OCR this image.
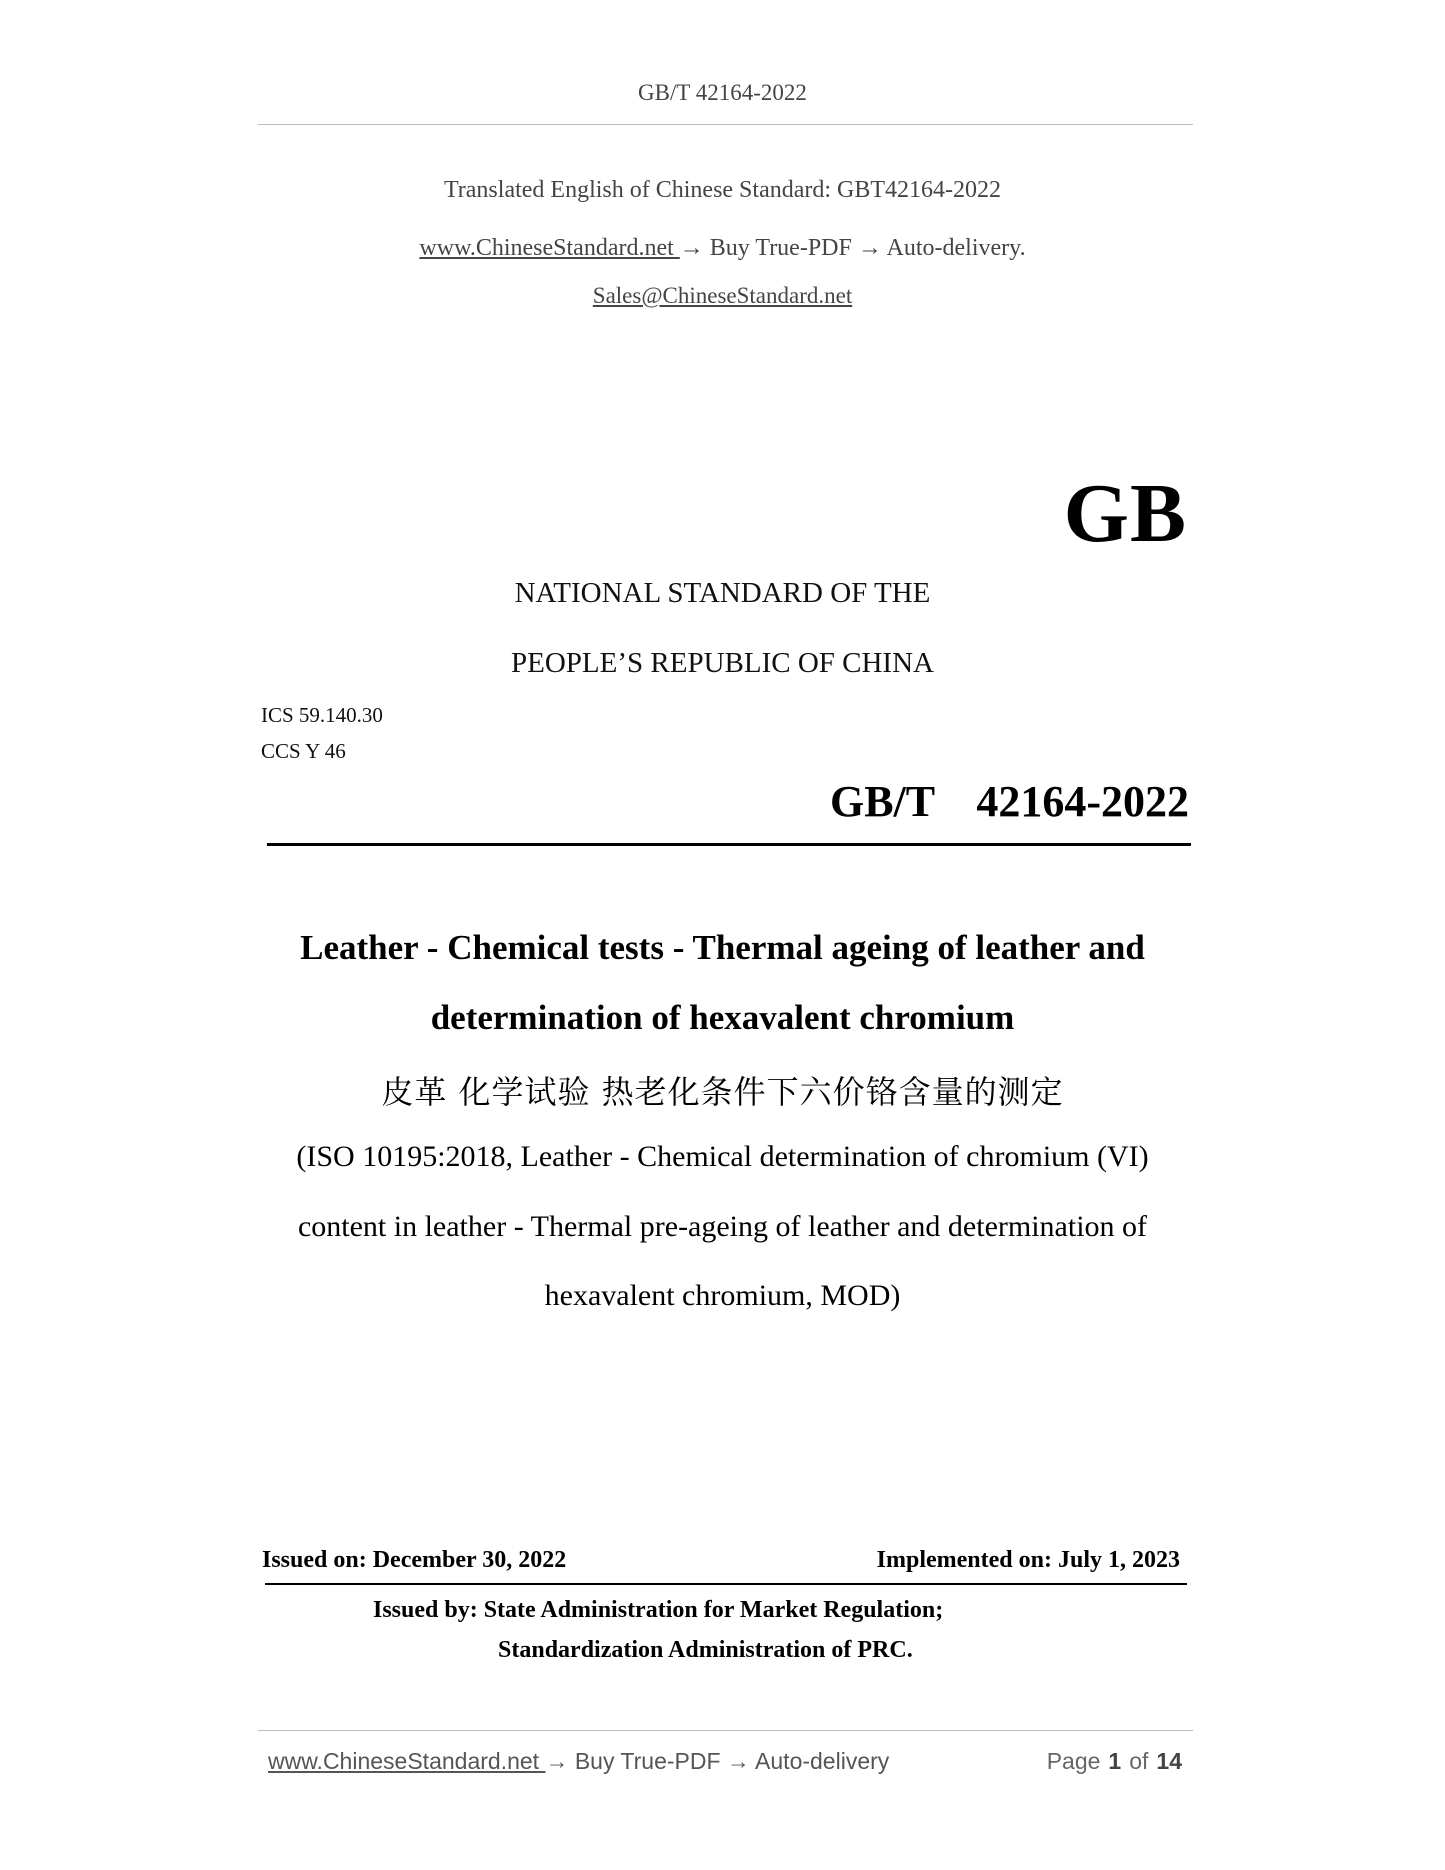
GB/T 42164-2022
Translated English of Chinese Standard: GBT42164-2022
www.ChineseStandard.net → Buy True-PDF → Auto-delivery.
Sales@ChineseStandard.net
GB
NATIONAL STANDARD OF THE
PEOPLE’S REPUBLIC OF CHINA
ICS 59.140.30
CCS Y 46
GB/T  42164-2022
Leather - Chemical tests - Thermal ageing of leather and
determination of hexavalent chromium
皮革 化学试验 热老化条件下六价铬含量的测定
(ISO 10195:2018, Leather - Chemical determination of chromium (VI)
content in leather - Thermal pre-ageing of leather and determination of
hexavalent chromium, MOD)
Issued on: December 30, 2022	Implemented on: July 1, 2023
Issued by: State Administration for Market Regulation;
Standardization Administration of PRC.
www.ChineseStandard.net → Buy True-PDF → Auto-delivery	Page 1 of 14
